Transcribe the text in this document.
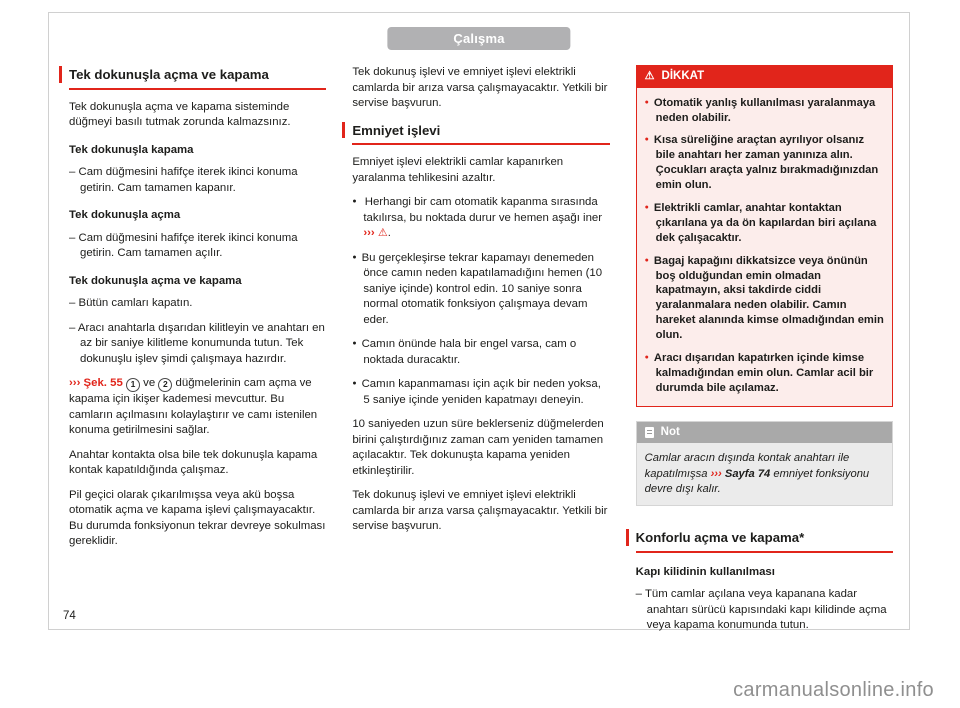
Çalışma
Tek dokunuşla açma ve kapama

Tek dokunuşla açma ve kapama sisteminde düğmeyi basılı tutmak zorunda kalmazsınız.

Tek dokunuşla kapama

– Cam düğmesini hafifçe iterek ikinci konuma getirin. Cam tamamen kapanır.

Tek dokunuşla açma

– Cam düğmesini hafifçe iterek ikinci konuma getirin. Cam tamamen açılır.

Tek dokunuşla açma ve kapama

– Bütün camları kapatın.

– Aracı anahtarla dışarıdan kilitleyin ve anahtarı en az bir saniye kilitleme konumunda tutun. Tek dokunuşlu işlev şimdi çalışmaya hazırdır.

››› Şek. 55 1 ve 2 düğmelerinin cam açma ve kapama için ikişer kademesi mevcuttur. Bu camların açılmasını kolaylaştırır ve camı istenilen konuma getirilmesini sağlar.

Anahtar kontakta olsa bile tek dokunuşla kapama kontak kapatıldığında çalışmaz.

Pil geçici olarak çıkarılmışsa veya akü boşsa otomatik açma ve kapama işlevi çalışmayacaktır. Bu durumda fonksiyonun tekrar devreye sokulması gereklidir.

Tek dokunuş işlevi ve emniyet işlevi elektrikli camlarda bir arıza varsa çalışmayacaktır. Yetkili bir servise başvurun.

Emniyet işlevi

Emniyet işlevi elektrikli camlar kapanırken yaralanma tehlikesini azaltır.

● Herhangi bir cam otomatik kapanma sırasında takılırsa, bu noktada durur ve hemen aşağı iner ››› ⚠.

● Bu gerçekleşirse tekrar kapamayı denemeden önce camın neden kapatılamadığını hemen (10 saniye içinde) kontrol edin. 10 saniye sonra normal otomatik fonksiyon çalışmaya devam eder.

● Camın önünde hala bir engel varsa, cam o noktada duracaktır.

● Camın kapanmaması için açık bir neden yoksa, 5 saniye içinde yeniden kapatmayı deneyin.

10 saniyeden uzun süre beklerseniz düğmelerden birini çalıştırdığınız zaman cam yeniden tamamen açılacaktır. Tek dokunuşta kapama yeniden etkinleştirilir.

Tek dokunuş işlevi ve emniyet işlevi elektrikli camlarda bir arıza varsa çalışmayacaktır. Yetkili bir servise başvurun.

⚠ DİKKAT

● Otomatik yanlış kullanılması yaralanmaya neden olabilir.

● Kısa süreliğine araçtan ayrılıyor olsanız bile anahtarı her zaman yanınıza alın. Çocukları araçta yalnız bırakmadığınızdan emin olun.

● Elektrikli camlar, anahtar kontaktan çıkarılana ya da ön kapılardan biri açılana dek çalışacaktır.

● Bagaj kapağını dikkatsizce veya önünün boş olduğundan emin olmadan kapatmayın, aksi takdirde ciddi yaralanmalara neden olabilir. Camın hareket alanında kimse olmadığından emin olun.

● Aracı dışarıdan kapatırken içinde kimse kalmadığından emin olun. Camlar acil bir durumda bile açılamaz.

Not
Camlar aracın dışında kontak anahtarı ile kapatılmışsa ››› Sayfa 74 emniyet fonksiyonu devre dışı kalır.
Konforlu açma ve kapama*
Kapı kilidinin kullanılması

– Tüm camlar açılana veya kapanana kadar anahtarı sürücü kapısındaki kapı kilidinde açma veya kapama konumunda tutun.

74
carmanualsonline.info
